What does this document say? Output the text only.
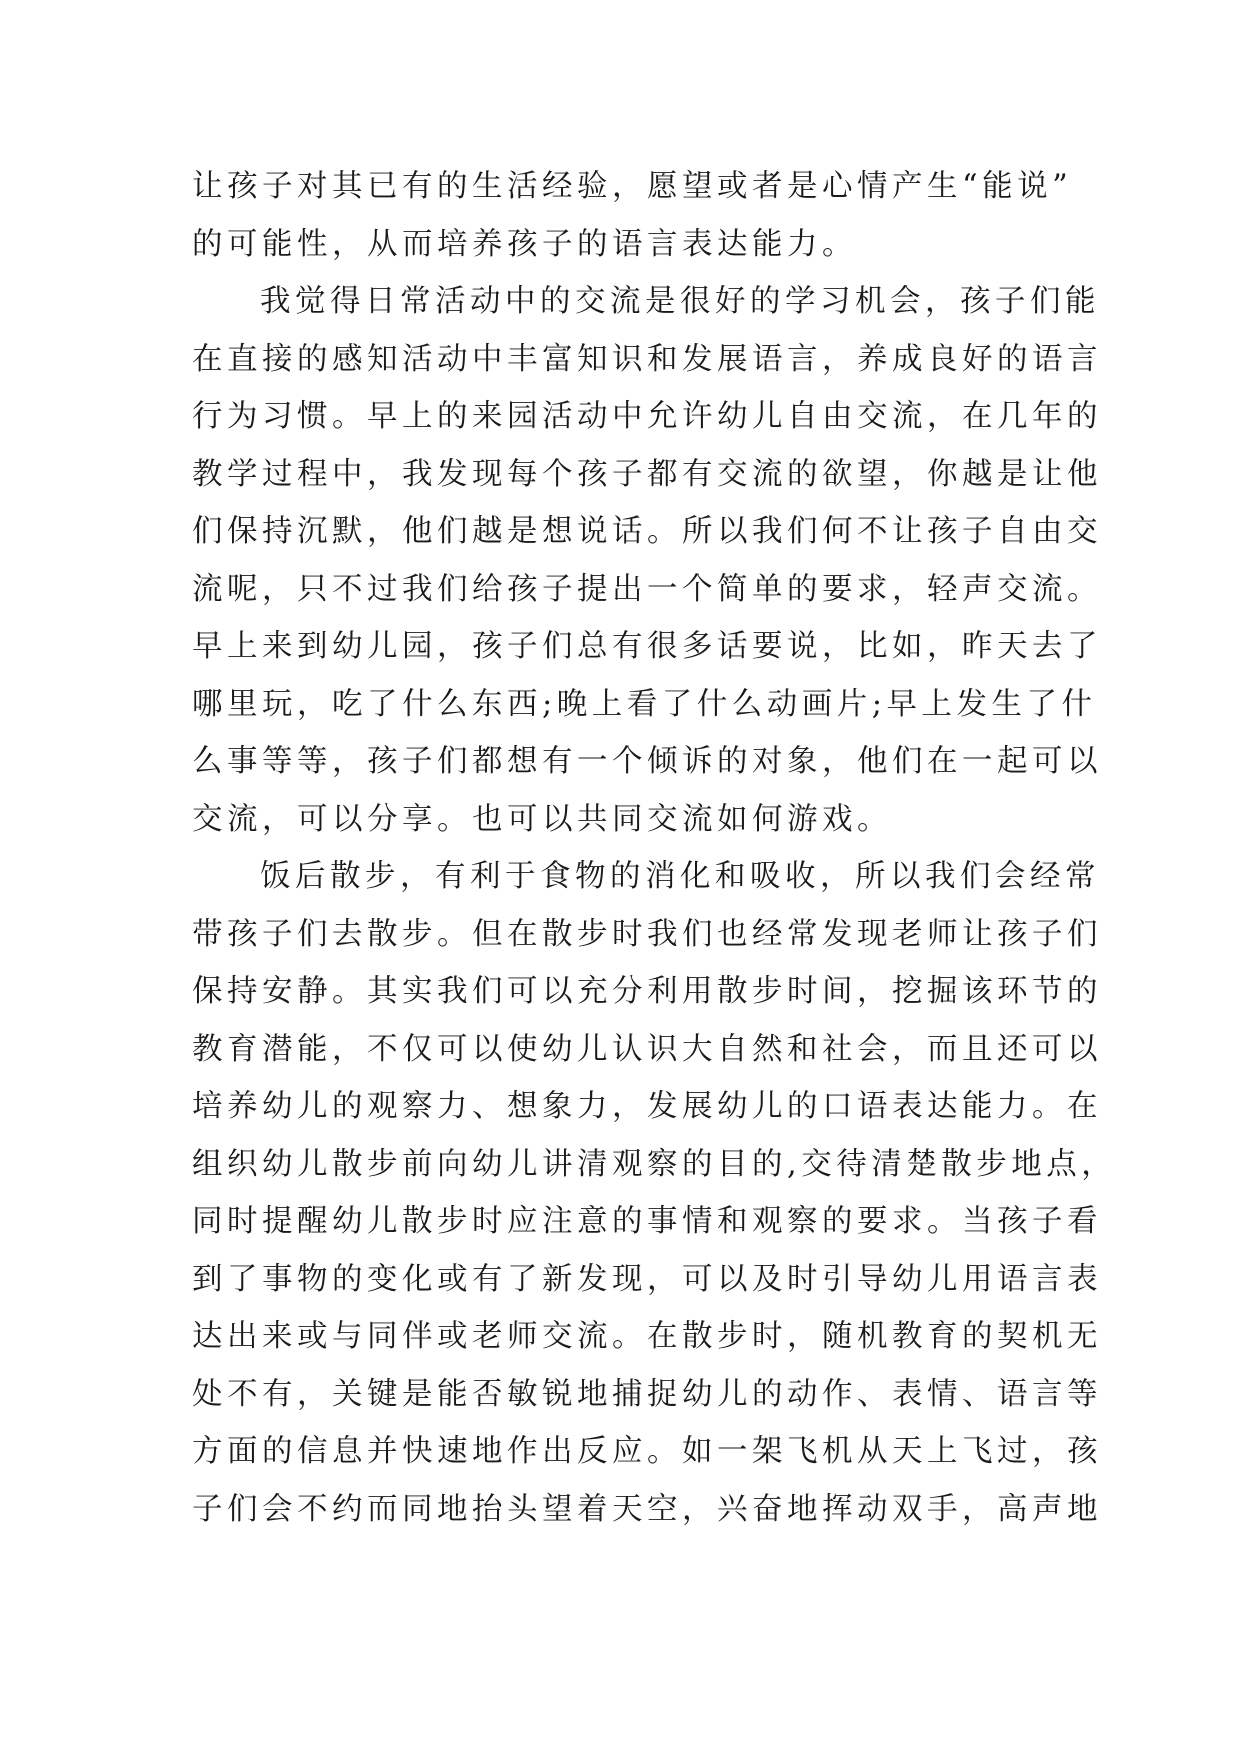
让孩子对其已有的生活经验，愿望或者是心情产生“能说”
的可能性，从而培养孩子的语言表达能力。
我觉得日常活动中的交流是很好的学习机会，孩子们能
在直接的感知活动中丰富知识和发展语言，养成良好的语言
行为习惯。早上的来园活动中允许幼儿自由交流，在几年的
教学过程中，我发现每个孩子都有交流的欲望，你越是让他
们保持沉默，他们越是想说话。所以我们何不让孩子自由交
流呢，只不过我们给孩子提出一个简单的要求，轻声交流。
早上来到幼儿园，孩子们总有很多话要说，比如，昨天去了
哪里玩，吃了什么东西;晚上看了什么动画片;早上发生了什
么事等等，孩子们都想有一个倾诉的对象，他们在一起可以
交流，可以分享。也可以共同交流如何游戏。
饭后散步，有利于食物的消化和吸收，所以我们会经常
带孩子们去散步。但在散步时我们也经常发现老师让孩子们
保持安静。其实我们可以充分利用散步时间，挖掘该环节的
教育潜能，不仅可以使幼儿认识大自然和社会，而且还可以
培养幼儿的观察力、想象力，发展幼儿的口语表达能力。在
组织幼儿散步前向幼儿讲清观察的目的,交待清楚散步地点，
同时提醒幼儿散步时应注意的事情和观察的要求。当孩子看
到了事物的变化或有了新发现，可以及时引导幼儿用语言表
达出来或与同伴或老师交流。在散步时，随机教育的契机无
处不有，关键是能否敏锐地捕捉幼儿的动作、表情、语言等
方面的信息并快速地作出反应。如一架飞机从天上飞过，孩
子们会不约而同地抬头望着天空，兴奋地挥动双手，高声地
